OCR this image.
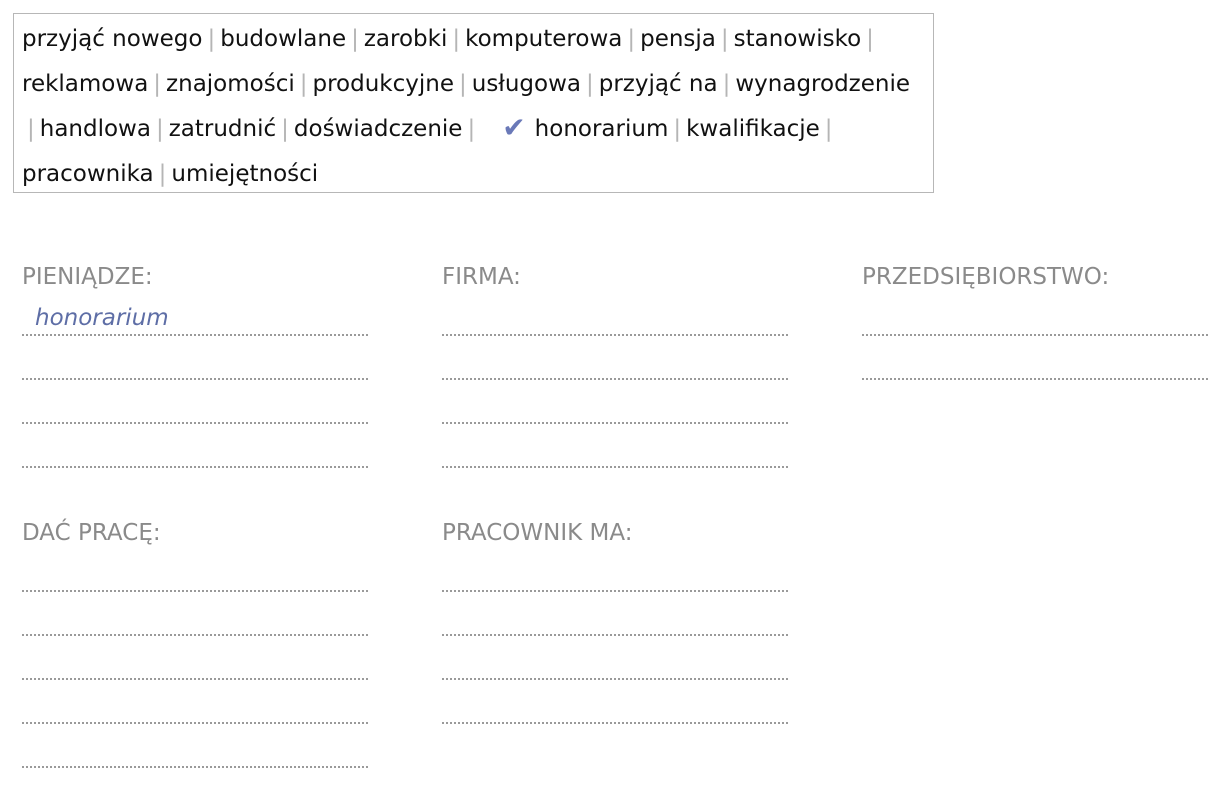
przyjąć nowego | budowlane | zarobki | komputerowa | pensja | stanowisko |
reklamowa | znajomości | produkcyjne | usługowa | przyjąć na | wynagrodzenie
| handlowa | zatrudnić | doświadczenie | ✔ honorarium | kwalifikacje |
pracownika | umiejętności
PIENIĄDZE:
honorarium
FIRMA:	PRZEDSIĘBIORSTWO:
DAĆ PRACĘ:	PRACOWNIK MA:
